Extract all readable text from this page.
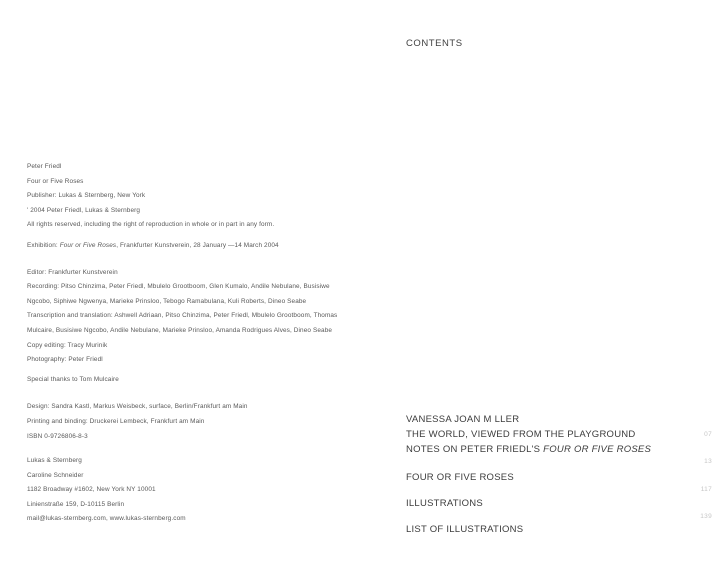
CONTENTS
Peter Friedl
Four or Five Roses
Publisher: Lukas & Sternberg, New York
' 2004 Peter Friedl, Lukas & Sternberg
All rights reserved, including the right of reproduction in whole or in part in any form.
Exhibition: Four or Five Roses, Frankfurter Kunstverein, 28 January —14 March 2004
Editor: Frankfurter Kunstverein
Recording: Pitso Chinzima, Peter Friedl, Mbulelo Grootboom, Glen Kumalo, Andile Nebulane, Busisiwe
Ngcobo, Siphiwe Ngwenya, Marieke Prinsloo, Tebogo Ramabulana, Kuli Roberts, Dineo Seabe
Transcription and translation: Ashwell Adriaan, Pitso Chinzima, Peter Friedl, Mbulelo Grootboom, Thomas
Mulcaire, Busisiwe Ngcobo, Andile Nebulane, Marieke Prinsloo, Amanda Rodrigues Alves, Dineo Seabe
Copy editing: Tracy Murinik
Photography: Peter Friedl
Special thanks to Tom Mulcaire
Design: Sandra Kastl, Markus Weisbeck, surface, Berlin/Frankfurt am Main
Printing and binding: Druckerei Lembeck, Frankfurt am Main
ISBN 0-9726806-8-3
Lukas & Sternberg
Caroline Schneider
1182 Broadway #1602, New York NY 10001
Linienstraße 159, D-10115 Berlin
mail@lukas-sternberg.com, www.lukas-sternberg.com
VANESSA JOAN M LLER
THE WORLD, VIEWED FROM THE PLAYGROUND
NOTES ON PETER FRIEDL'S FOUR OR FIVE ROSES
07
FOUR OR FIVE ROSES
13
ILLUSTRATIONS
117
LIST OF ILLUSTRATIONS
139
